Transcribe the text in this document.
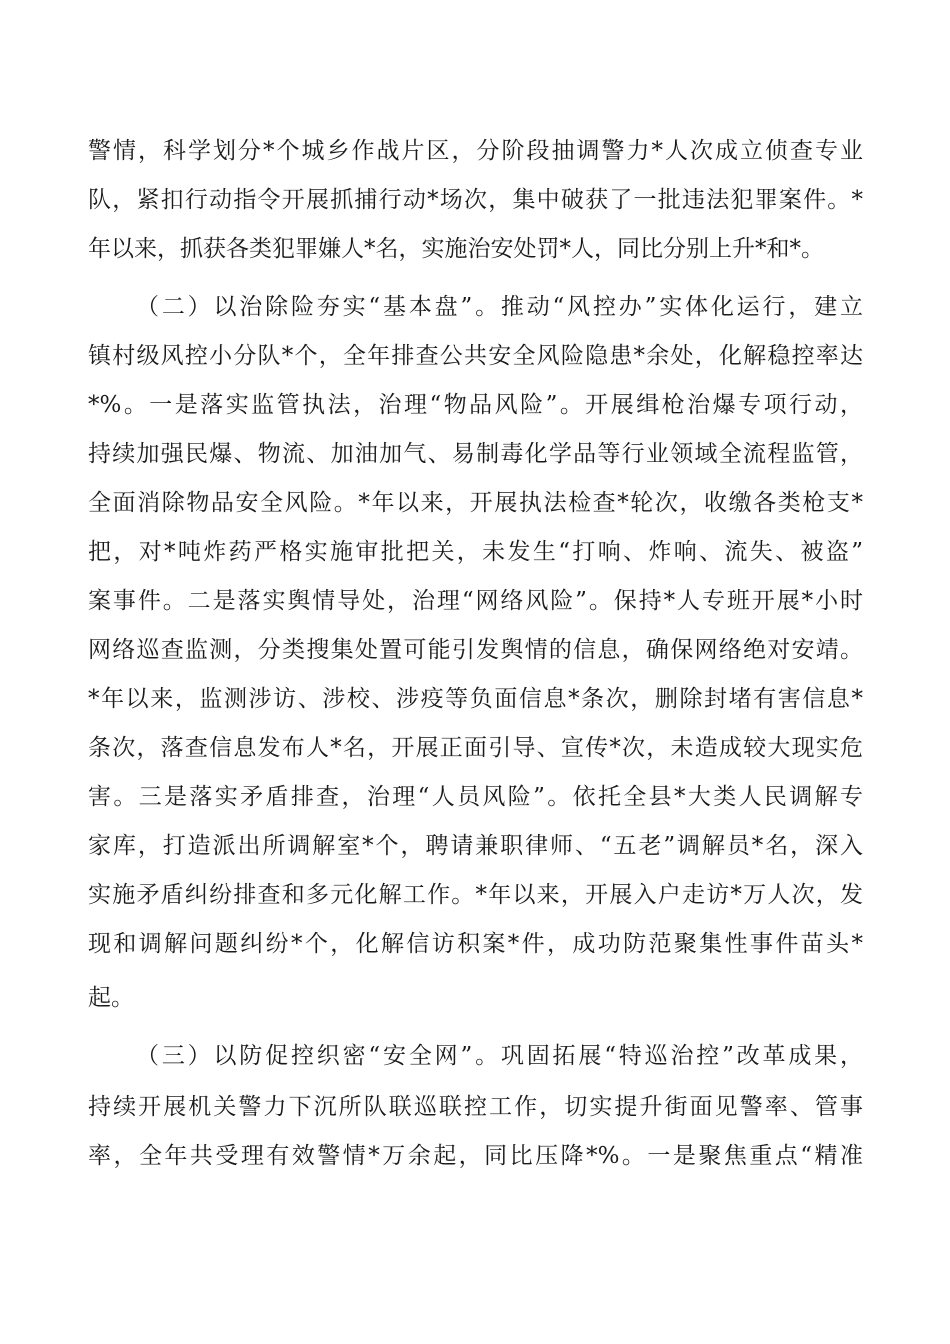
警情，科学划分*个城乡作战片区，分阶段抽调警力*人次成立侦查专业
队，紧扣行动指令开展抓捕行动*场次，集中破获了一批违法犯罪案件。*
年以来，抓获各类犯罪嫌人*名，实施治安处罚*人，同比分别上升*和*。
（二）以治除险夯实“基本盘”。推动“风控办”实体化运行，建立
镇村级风控小分队*个，全年排查公共安全风险隐患*余处，化解稳控率达
*%。一是落实监管执法，治理“物品风险”。开展缉枪治爆专项行动，
持续加强民爆、物流、加油加气、易制毒化学品等行业领域全流程监管，
全面消除物品安全风险。*年以来，开展执法检查*轮次，收缴各类枪支*
把，对*吨炸药严格实施审批把关，未发生“打响、炸响、流失、被盗”
案事件。二是落实舆情导处，治理“网络风险”。保持*人专班开展*小时
网络巡查监测，分类搜集处置可能引发舆情的信息，确保网络绝对安靖。
*年以来，监测涉访、涉校、涉疫等负面信息*条次，删除封堵有害信息*
条次，落查信息发布人*名，开展正面引导、宣传*次，未造成较大现实危
害。三是落实矛盾排查，治理“人员风险”。依托全县*大类人民调解专
家库，打造派出所调解室*个，聘请兼职律师、“五老”调解员*名，深入
实施矛盾纠纷排查和多元化解工作。*年以来，开展入户走访*万人次，发
现和调解问题纠纷*个，化解信访积案*件，成功防范聚集性事件苗头*
起。
（三）以防促控织密“安全网”。巩固拓展“特巡治控”改革成果，
持续开展机关警力下沉所队联巡联控工作，切实提升街面见警率、管事
率，全年共受理有效警情*万余起，同比压降*%。一是聚焦重点“精准
